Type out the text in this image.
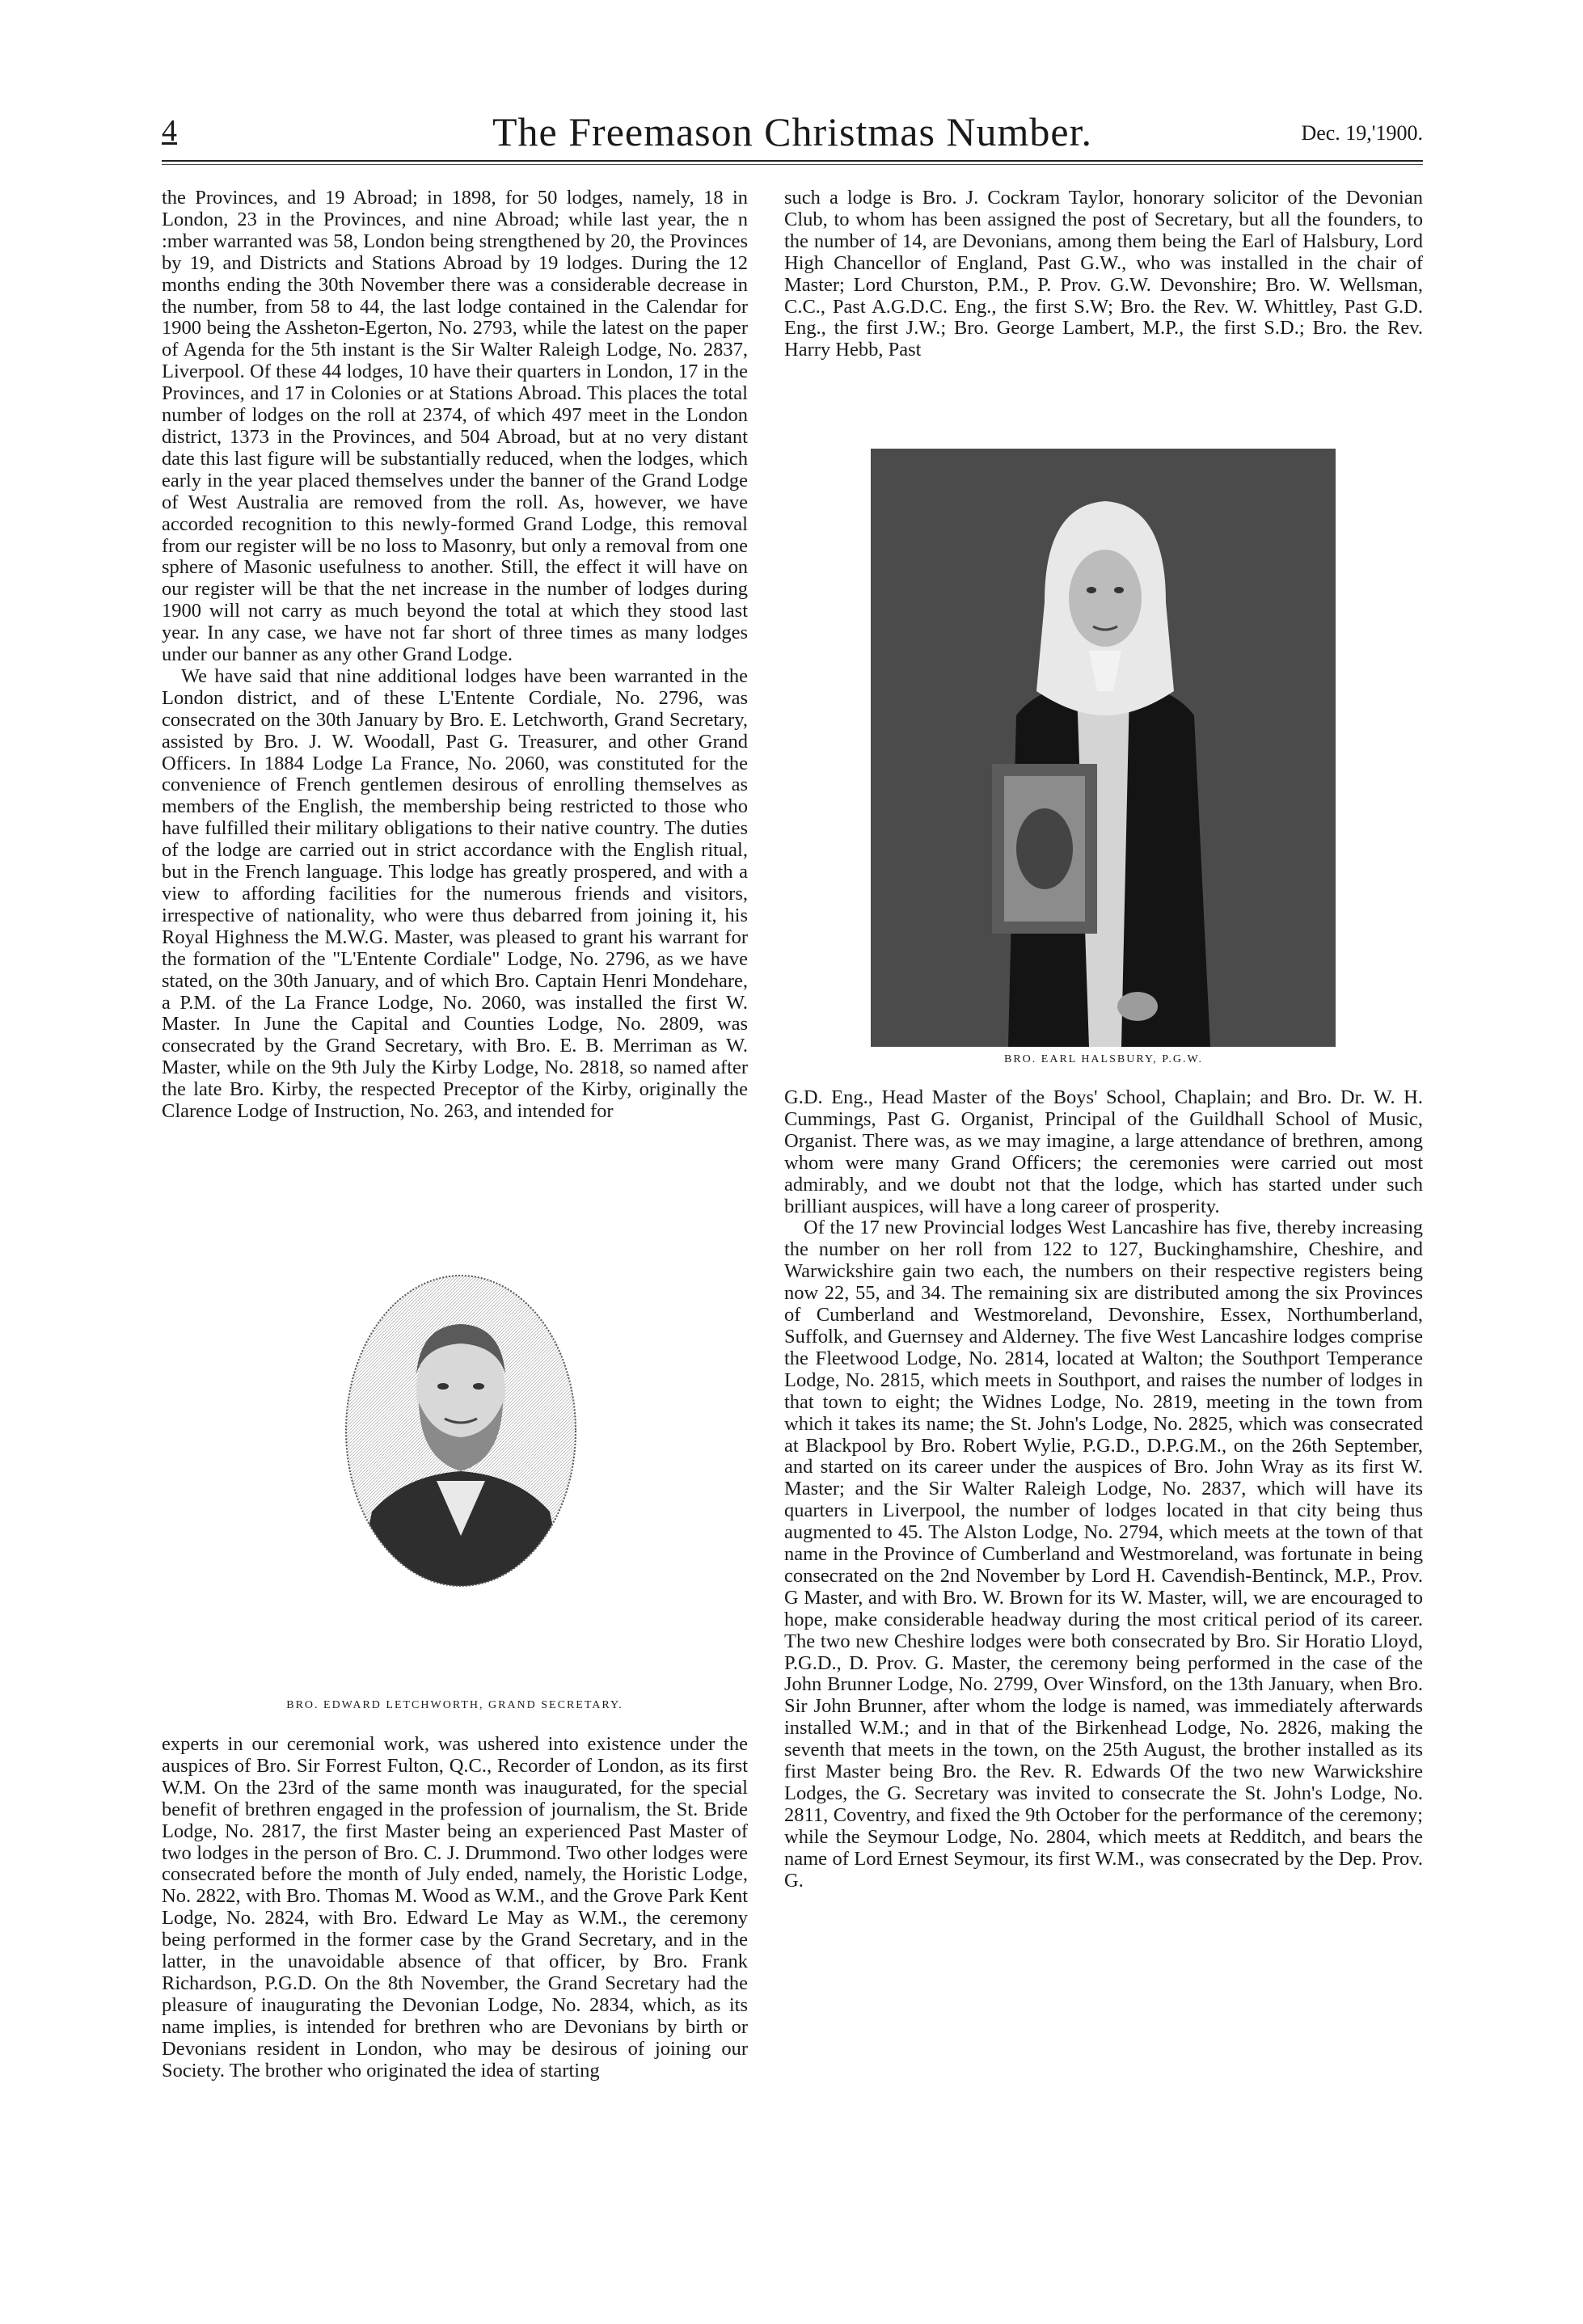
4	The Freemason Christmas Number.	Dec. 19,'1900.

the Provinces, and 19 Abroad; in 1898, for 50 lodges, namely, 18 in London, 23 in the Provinces, and nine Abroad; while last year, the n :mber warranted was 58, London being strengthened by 20, the Provinces by 19, and Districts and Stations Abroad by 19 lodges. During the 12 months ending the 30th November there was a considerable decrease in the number, from 58 to 44, the last lodge contained in the Calendar for 1900 being the Assheton-Egerton, No. 2793, while the latest on the paper of Agenda for the 5th instant is the Sir Walter Raleigh Lodge, No. 2837, Liverpool. Of these 44 lodges, 10 have their quarters in London, 17 in the Provinces, and 17 in Colonies or at Stations Abroad. This places the total number of lodges on the roll at 2374, of which 497 meet in the London district, 1373 in the Provinces, and 504 Abroad, but at no very distant date this last figure will be substantially reduced, when the lodges, which early in the year placed themselves under the banner of the Grand Lodge of West Australia are removed from the roll. As, however, we have accorded recognition to this newly-formed Grand Lodge, this removal from our register will be no loss to Masonry, but only a removal from one sphere of Masonic usefulness to another. Still, the effect it will have on our register will be that the net increase in the number of lodges during 1900 will not carry as much beyond the total at which they stood last year. In any case, we have not far short of three times as many lodges under our banner as any other Grand Lodge.

We have said that nine additional lodges have been warranted in the London district, and of these L'Entente Cordiale, No. 2796, was consecrated on the 30th January by Bro. E. Letchworth, Grand Secretary, assisted by Bro. J. W. Woodall, Past G. Treasurer, and other Grand Officers. In 1884 Lodge La France, No. 2060, was constituted for the convenience of French gentlemen desirous of enrolling themselves as members of the English, the membership being restricted to those who have fulfilled their military obligations to their native country. The duties of the lodge are carried out in strict accordance with the English ritual, but in the French language. This lodge has greatly prospered, and with a view to affording facilities for the numerous friends and visitors, irrespective of nationality, who were thus debarred from joining it, his Royal Highness the M.W.G. Master, was pleased to grant his warrant for the formation of the "L'Entente Cordiale" Lodge, No. 2796, as we have stated, on the 30th January, and of which Bro. Captain Henri Mondehare, a P.M. of the La France Lodge, No. 2060, was installed the first W. Master. In June the Capital and Counties Lodge, No. 2809, was consecrated by the Grand Secretary, with Bro. E. B. Merriman as W. Master, while on the 9th July the Kirby Lodge, No. 2818, so named after the late Bro. Kirby, the respected Preceptor of the Kirby, originally the Clarence Lodge of Instruction, No. 263, and intended for

BRO. EDWARD LETCHWORTH, GRAND SECRETARY.

experts in our ceremonial work, was ushered into existence under the auspices of Bro. Sir Forrest Fulton, Q.C., Recorder of London, as its first W.M. On the 23rd of the same month was inaugurated, for the special benefit of brethren engaged in the profession of journalism, the St. Bride Lodge, No. 2817, the first Master being an experienced Past Master of two lodges in the person of Bro. C. J. Drummond. Two other lodges were consecrated before the month of July ended, namely, the Horistic Lodge, No. 2822, with Bro. Thomas M. Wood as W.M., and the Grove Park Kent Lodge, No. 2824, with Bro. Edward Le May as W.M., the ceremony being performed in the former case by the Grand Secretary, and in the latter, in the unavoidable absence of that officer, by Bro. Frank Richardson, P.G.D. On the 8th November, the Grand Secretary had the pleasure of inaugurating the Devonian Lodge, No. 2834, which, as its name implies, is intended for brethren who are Devonians by birth or Devonians resident in London, who may be desirous of joining our Society. The brother who originated the idea of starting

such a lodge is Bro. J. Cockram Taylor, honorary solicitor of the Devonian Club, to whom has been assigned the post of Secretary, but all the founders, to the number of 14, are Devonians, among them being the Earl of Halsbury, Lord High Chancellor of England, Past G.W., who was installed in the chair of Master; Lord Churston, P.M., P. Prov. G.W. Devonshire; Bro. W. Wellsman, C.C., Past A.G.D.C. Eng., the first S.W; Bro. the Rev. W. Whittley, Past G.D. Eng., the first J.W.; Bro. George Lambert, M.P., the first S.D.; Bro. the Rev. Harry Hebb, Past

BRO. EARL HALSBURY, P.G.W.

G.D. Eng., Head Master of the Boys' School, Chaplain; and Bro. Dr. W. H. Cummings, Past G. Organist, Principal of the Guildhall School of Music, Organist. There was, as we may imagine, a large attendance of brethren, among whom were many Grand Officers; the ceremonies were carried out most admirably, and we doubt not that the lodge, which has started under such brilliant auspices, will have a long career of prosperity.

Of the 17 new Provincial lodges West Lancashire has five, thereby increasing the number on her roll from 122 to 127, Buckinghamshire, Cheshire, and Warwickshire gain two each, the numbers on their respective registers being now 22, 55, and 34. The remaining six are distributed among the six Provinces of Cumberland and Westmoreland, Devonshire, Essex, Northumberland, Suffolk, and Guernsey and Alderney. The five West Lancashire lodges comprise the Fleetwood Lodge, No. 2814, located at Walton; the Southport Temperance Lodge, No. 2815, which meets in Southport, and raises the number of lodges in that town to eight; the Widnes Lodge, No. 2819, meeting in the town from which it takes its name; the St. John's Lodge, No. 2825, which was consecrated at Blackpool by Bro. Robert Wylie, P.G.D., D.P.G.M., on the 26th September, and started on its career under the auspices of Bro. John Wray as its first W. Master; and the Sir Walter Raleigh Lodge, No. 2837, which will have its quarters in Liverpool, the number of lodges located in that city being thus augmented to 45. The Alston Lodge, No. 2794, which meets at the town of that name in the Province of Cumberland and Westmoreland, was fortunate in being consecrated on the 2nd November by Lord H. Cavendish-Bentinck, M.P., Prov. G Master, and with Bro. W. Brown for its W. Master, will, we are encouraged to hope, make considerable headway during the most critical period of its career. The two new Cheshire lodges were both consecrated by Bro. Sir Horatio Lloyd, P.G.D., D. Prov. G. Master, the ceremony being performed in the case of the John Brunner Lodge, No. 2799, Over Winsford, on the 13th January, when Bro. Sir John Brunner, after whom the lodge is named, was immediately afterwards installed W.M.; and in that of the Birkenhead Lodge, No. 2826, making the seventh that meets in the town, on the 25th August, the brother installed as its first Master being Bro. the Rev. R. Edwards Of the two new Warwickshire Lodges, the G. Secretary was invited to consecrate the St. John's Lodge, No. 2811, Coventry, and fixed the 9th October for the performance of the ceremony; while the Seymour Lodge, No. 2804, which meets at Redditch, and bears the name of Lord Ernest Seymour, its first W.M., was consecrated by the Dep. Prov. G.
